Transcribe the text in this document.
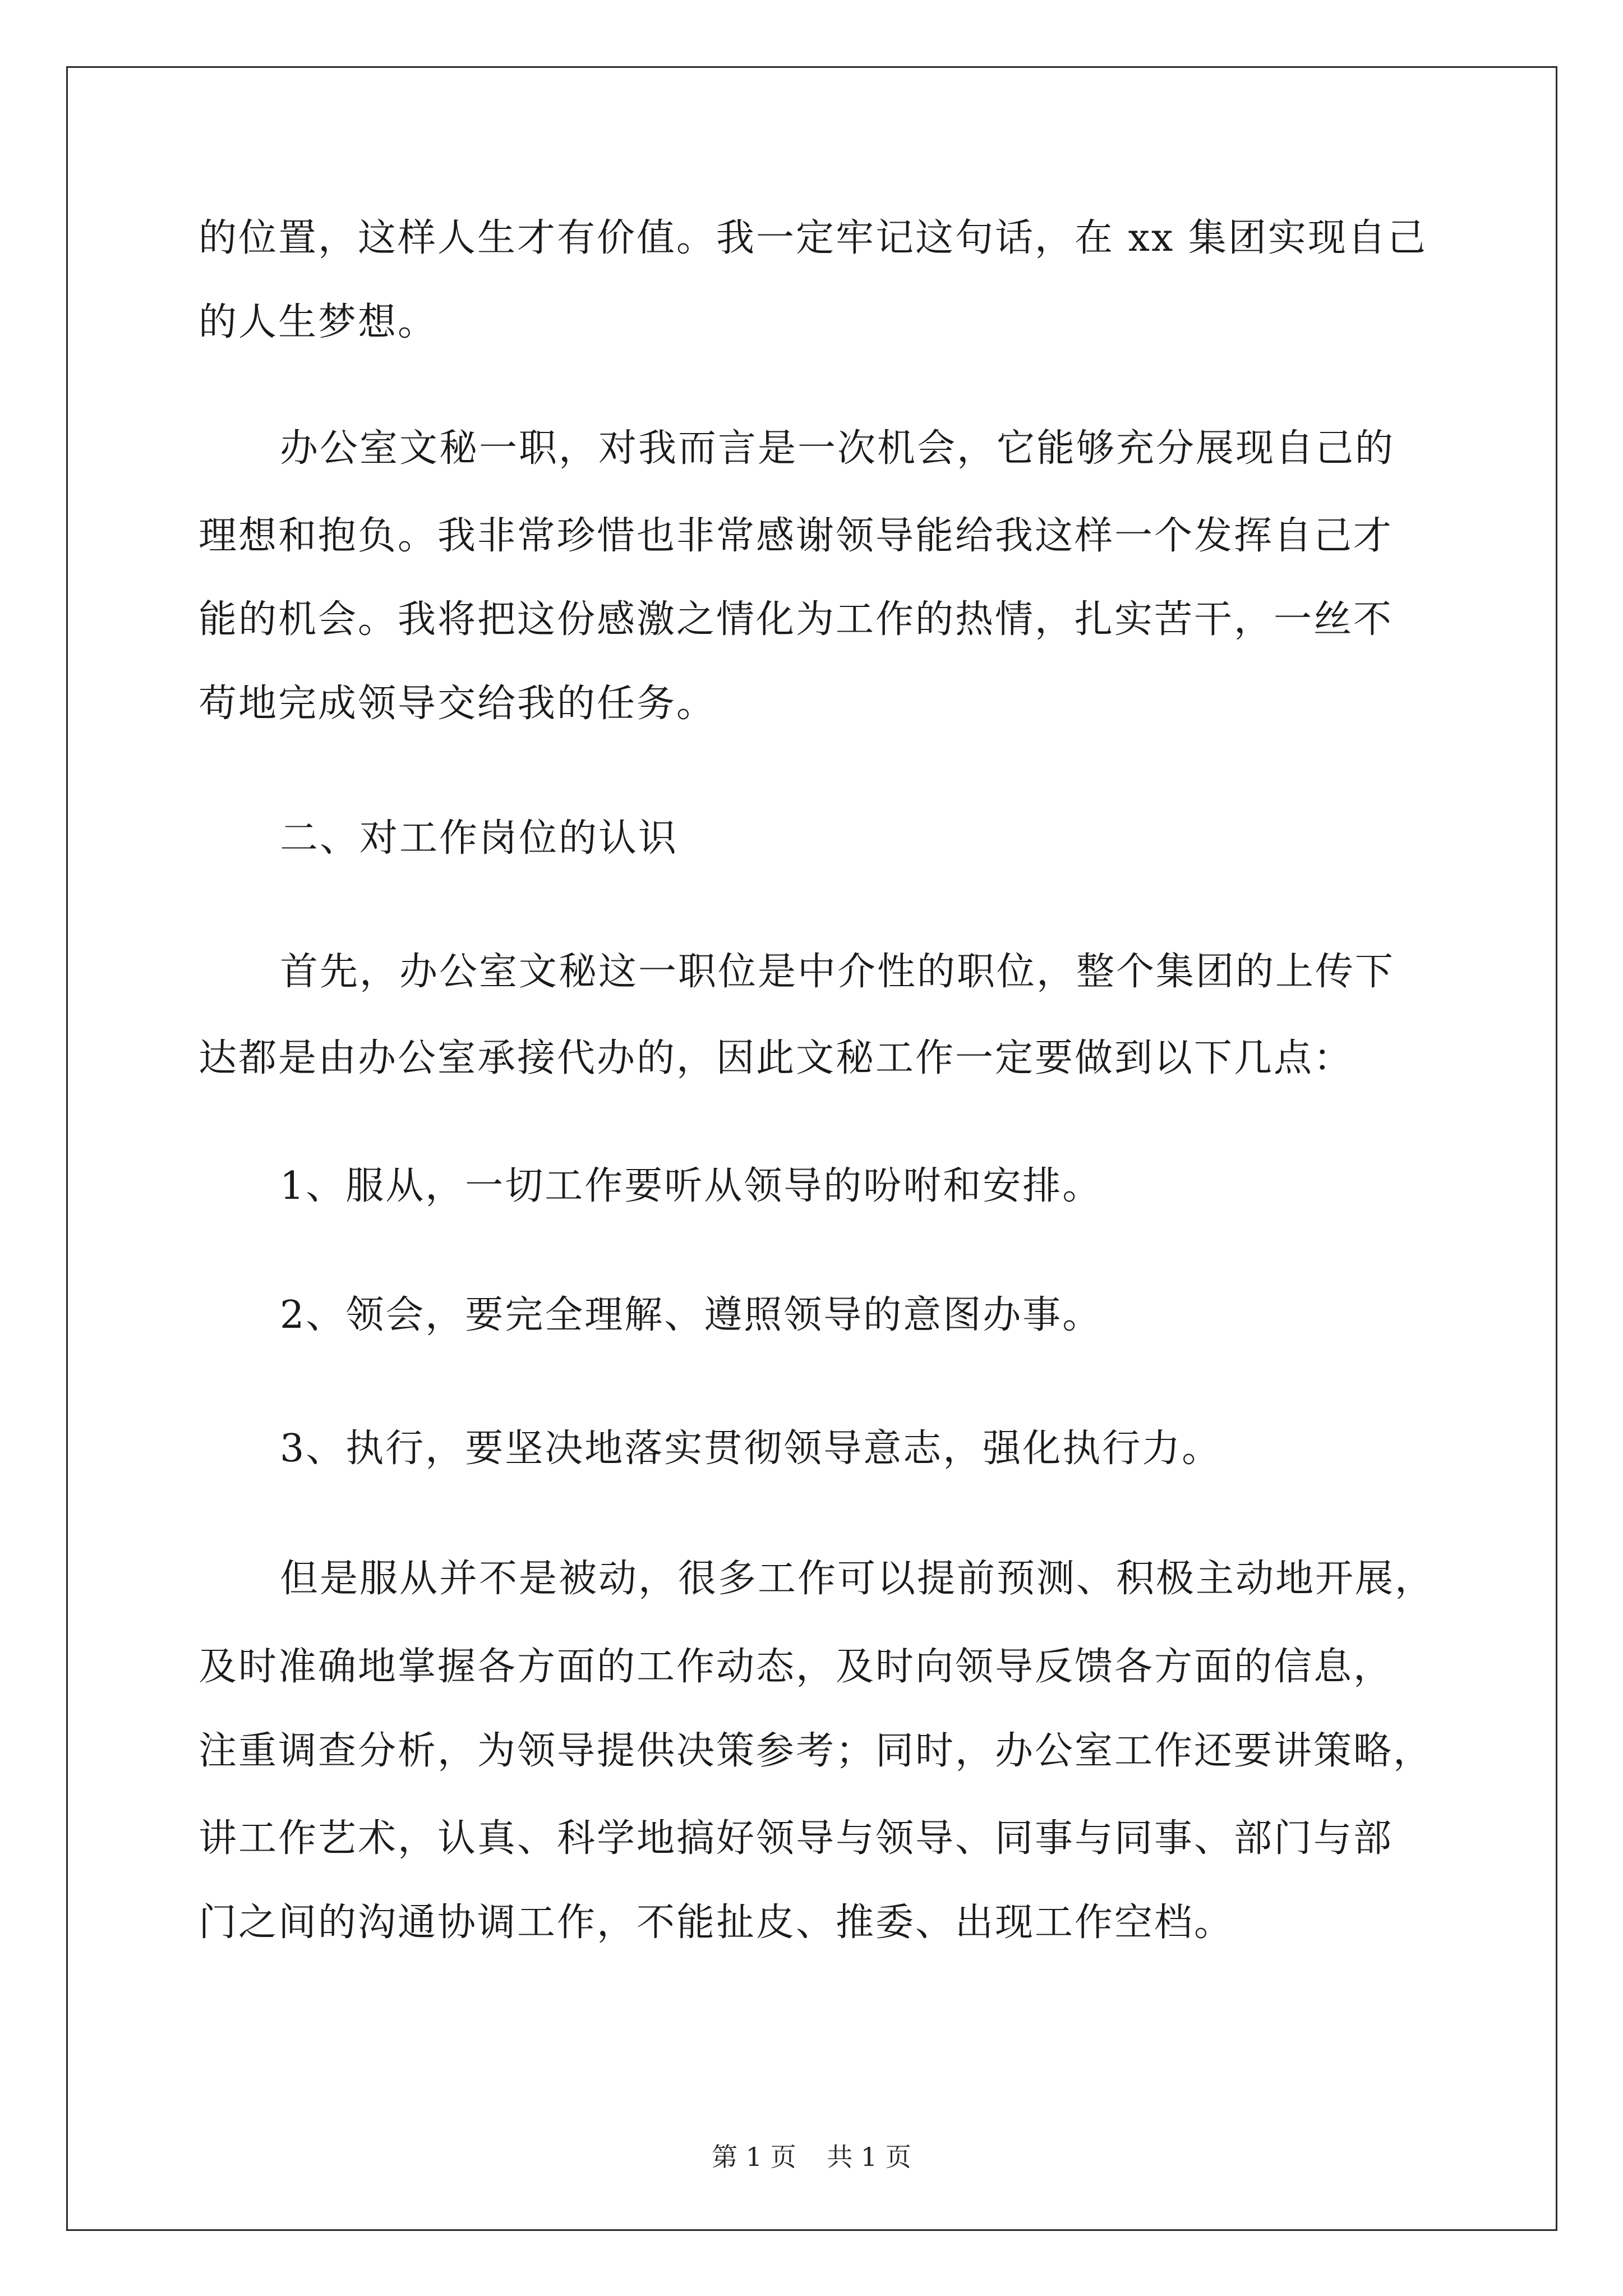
的位置，这样人生才有价值。我一定牢记这句话，在 xx 集团实现自己
的人生梦想。
办公室文秘一职，对我而言是一次机会，它能够充分展现自己的
理想和抱负。我非常珍惜也非常感谢领导能给我这样一个发挥自己才
能的机会。我将把这份感激之情化为工作的热情，扎实苦干，一丝不
苟地完成领导交给我的任务。
二、对工作岗位的认识
首先，办公室文秘这一职位是中介性的职位，整个集团的上传下
达都是由办公室承接代办的，因此文秘工作一定要做到以下几点：
1、服从，一切工作要听从领导的吩咐和安排。
2、领会，要完全理解、遵照领导的意图办事。
3、执行，要坚决地落实贯彻领导意志，强化执行力。
但是服从并不是被动，很多工作可以提前预测、积极主动地开展，
及时准确地掌握各方面的工作动态，及时向领导反馈各方面的信息，
注重调查分析，为领导提供决策参考；同时，办公室工作还要讲策略，
讲工作艺术，认真、科学地搞好领导与领导、同事与同事、部门与部
门之间的沟通协调工作，不能扯皮、推委、出现工作空档。
第 1 页 共 1 页
